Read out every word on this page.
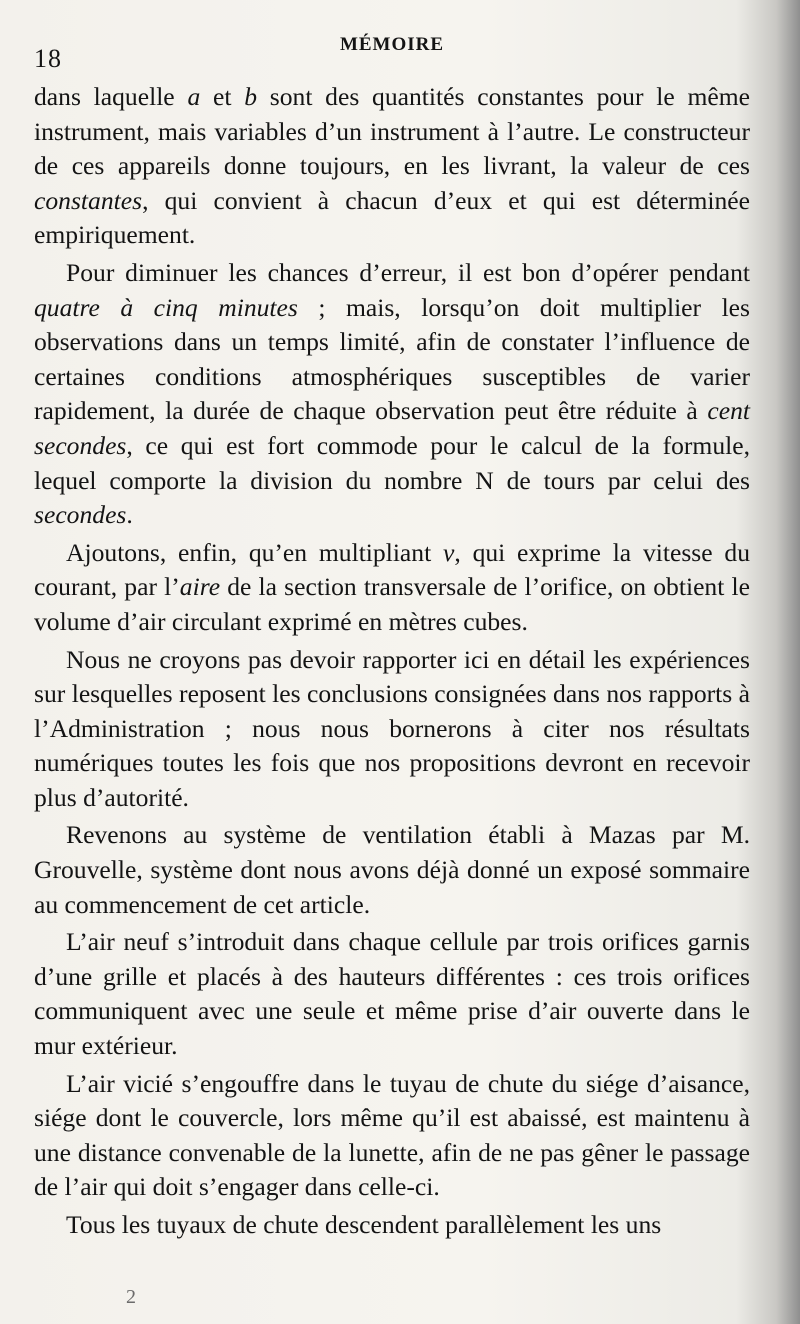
18	MÉMOIRE

dans laquelle a et b sont des quantités constantes pour le même instrument, mais variables d’un instrument à l’autre. Le constructeur de ces appareils donne toujours, en les livrant, la valeur de ces constantes, qui convient à chacun d’eux et qui est déterminée empiriquement.

Pour diminuer les chances d’erreur, il est bon d’opérer pendant quatre à cinq minutes ; mais, lorsqu’on doit multiplier les observations dans un temps limité, afin de constater l’influence de certaines conditions atmosphériques susceptibles de varier rapidement, la durée de chaque observation peut être réduite à cent secondes, ce qui est fort commode pour le calcul de la formule, lequel comporte la division du nombre N de tours par celui des secondes.

Ajoutons, enfin, qu’en multipliant v, qui exprime la vitesse du courant, par l’aire de la section transversale de l’orifice, on obtient le volume d’air circulant exprimé en mètres cubes.

Nous ne croyons pas devoir rapporter ici en détail les expériences sur lesquelles reposent les conclusions consignées dans nos rapports à l’Administration ; nous nous bornerons à citer nos résultats numériques toutes les fois que nos propositions devront en recevoir plus d’autorité.

Revenons au système de ventilation établi à Mazas par M. Grouvelle, système dont nous avons déjà donné un exposé sommaire au commencement de cet article.

L’air neuf s’introduit dans chaque cellule par trois orifices garnis d’une grille et placés à des hauteurs différentes : ces trois orifices communiquent avec une seule et même prise d’air ouverte dans le mur extérieur.

L’air vicié s’engouffre dans le tuyau de chute du siége d’aisance, siége dont le couvercle, lors même qu’il est abaissé, est maintenu à une distance convenable de la lunette, afin de ne pas gêner le passage de l’air qui doit s’engager dans celle-ci.

Tous les tuyaux de chute descendent parallèlement les uns

2
